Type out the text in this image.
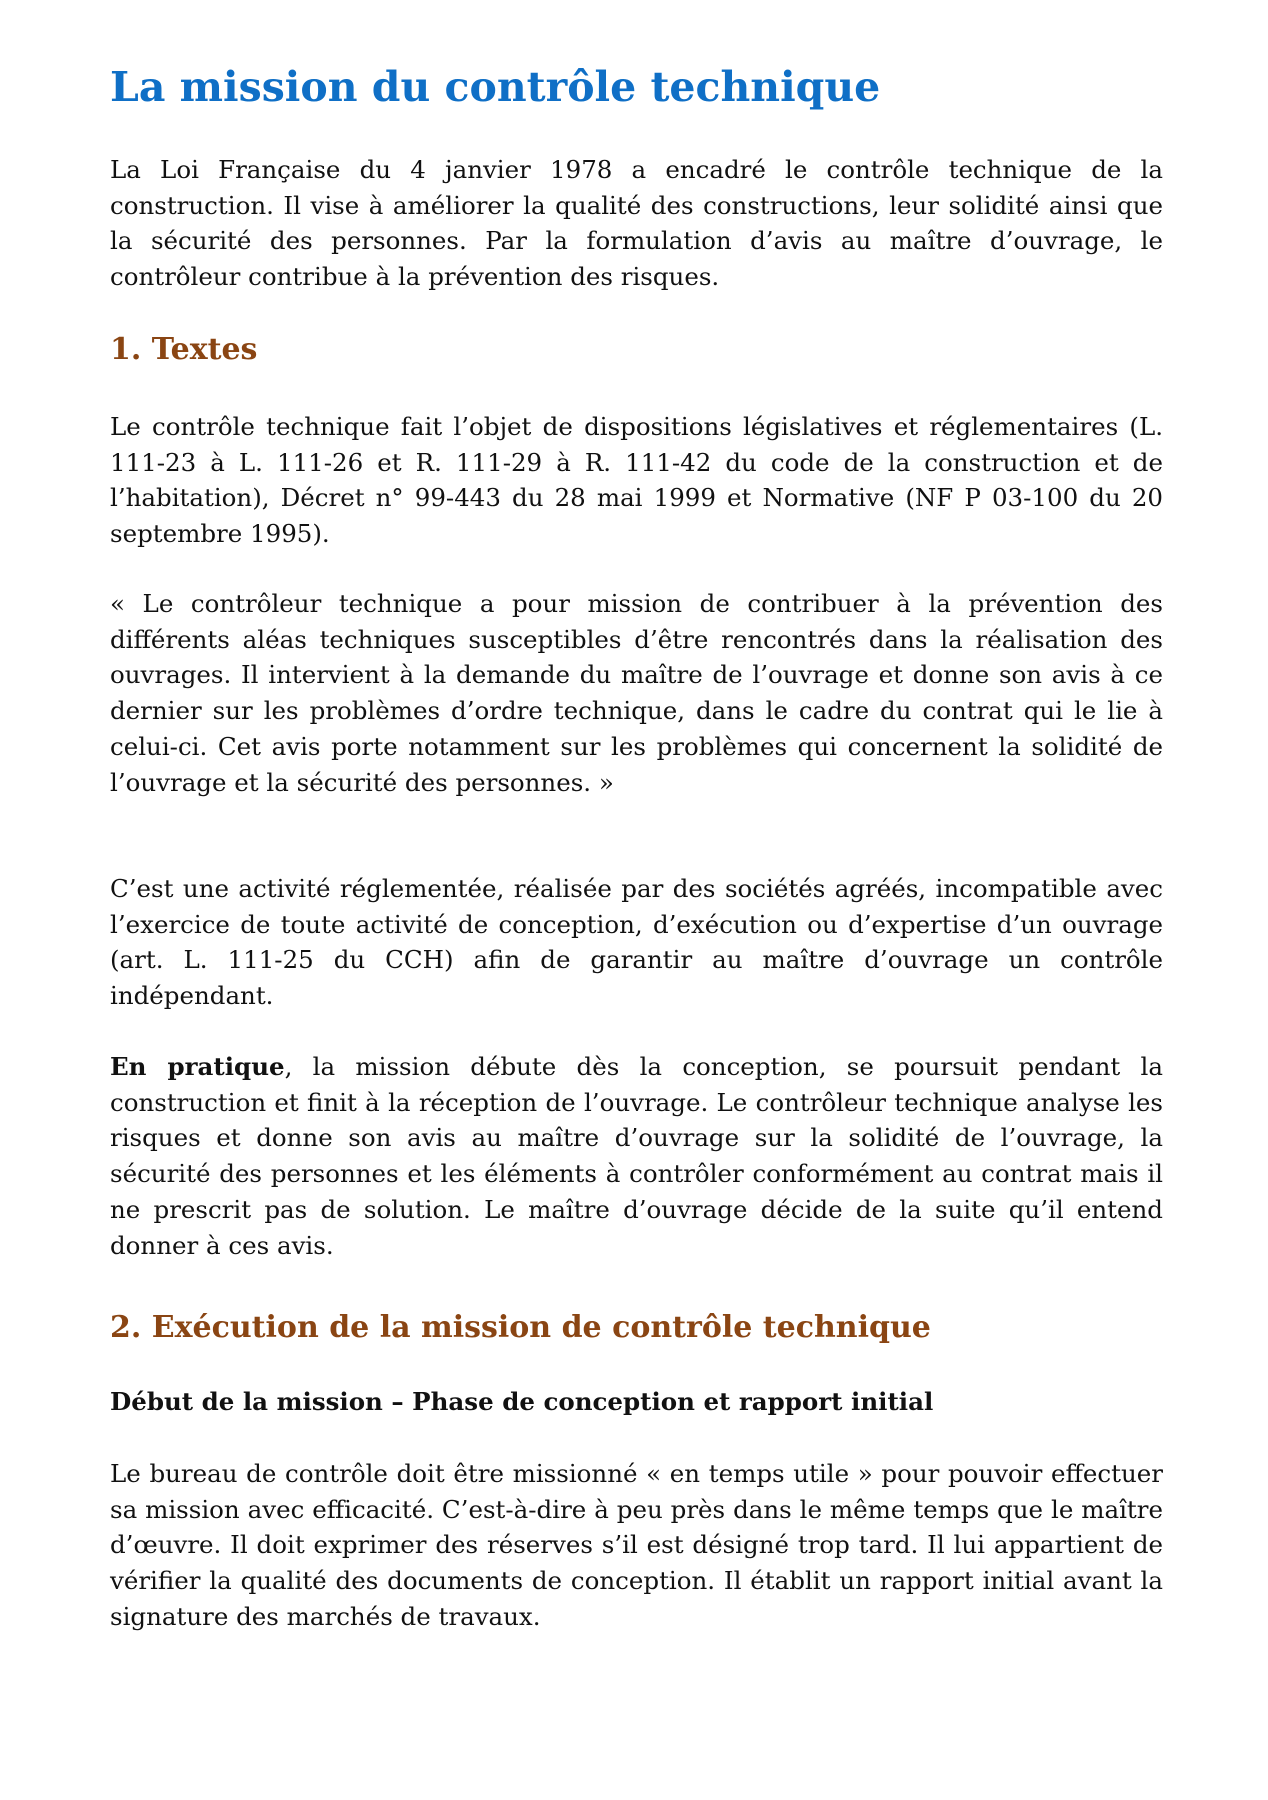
La mission du contrôle technique

La Loi Française du 4 janvier 1978 a encadré le contrôle technique de la construction. Il vise à améliorer la qualité des constructions, leur solidité ainsi que la sécurité des personnes. Par la formulation d’avis au maître d’ouvrage, le contrôleur contribue à la prévention des risques.

1. Textes

Le contrôle technique fait l’objet de dispositions législatives et réglementaires (L. 111-23 à L. 111-26 et R. 111-29 à R. 111-42 du code de la construction et de l’habitation), Décret n° 99-443 du 28 mai 1999 et Normative (NF P 03-100 du 20 septembre 1995).

« Le contrôleur technique a pour mission de contribuer à la prévention des différents aléas techniques susceptibles d’être rencontrés dans la réalisation des ouvrages. Il intervient à la demande du maître de l’ouvrage et donne son avis à ce dernier sur les problèmes d’ordre technique, dans le cadre du contrat qui le lie à celui-ci. Cet avis porte notamment sur les problèmes qui concernent la solidité de l’ouvrage et la sécurité des personnes. »

C’est une activité réglementée, réalisée par des sociétés agréés, incompatible avec l’exercice de toute activité de conception, d’exécution ou d’expertise d’un ouvrage (art. L. 111-25 du CCH) afin de garantir au maître d’ouvrage un contrôle indépendant.

En pratique, la mission débute dès la conception, se poursuit pendant la construction et finit à la réception de l’ouvrage. Le contrôleur technique analyse les risques et donne son avis au maître d’ouvrage sur la solidité de l’ouvrage, la sécurité des personnes et les éléments à contrôler conformément au contrat mais il ne prescrit pas de solution. Le maître d’ouvrage décide de la suite qu’il entend donner à ces avis.

2. Exécution de la mission de contrôle technique
Début de la mission – Phase de conception et rapport initial

Le bureau de contrôle doit être missionné « en temps utile » pour pouvoir effectuer sa mission avec efficacité. C’est-à-dire à peu près dans le même temps que le maître d’œuvre. Il doit exprimer des réserves s’il est désigné trop tard. Il lui appartient de vérifier la qualité des documents de conception. Il établit un rapport initial avant la signature des marchés de travaux.
